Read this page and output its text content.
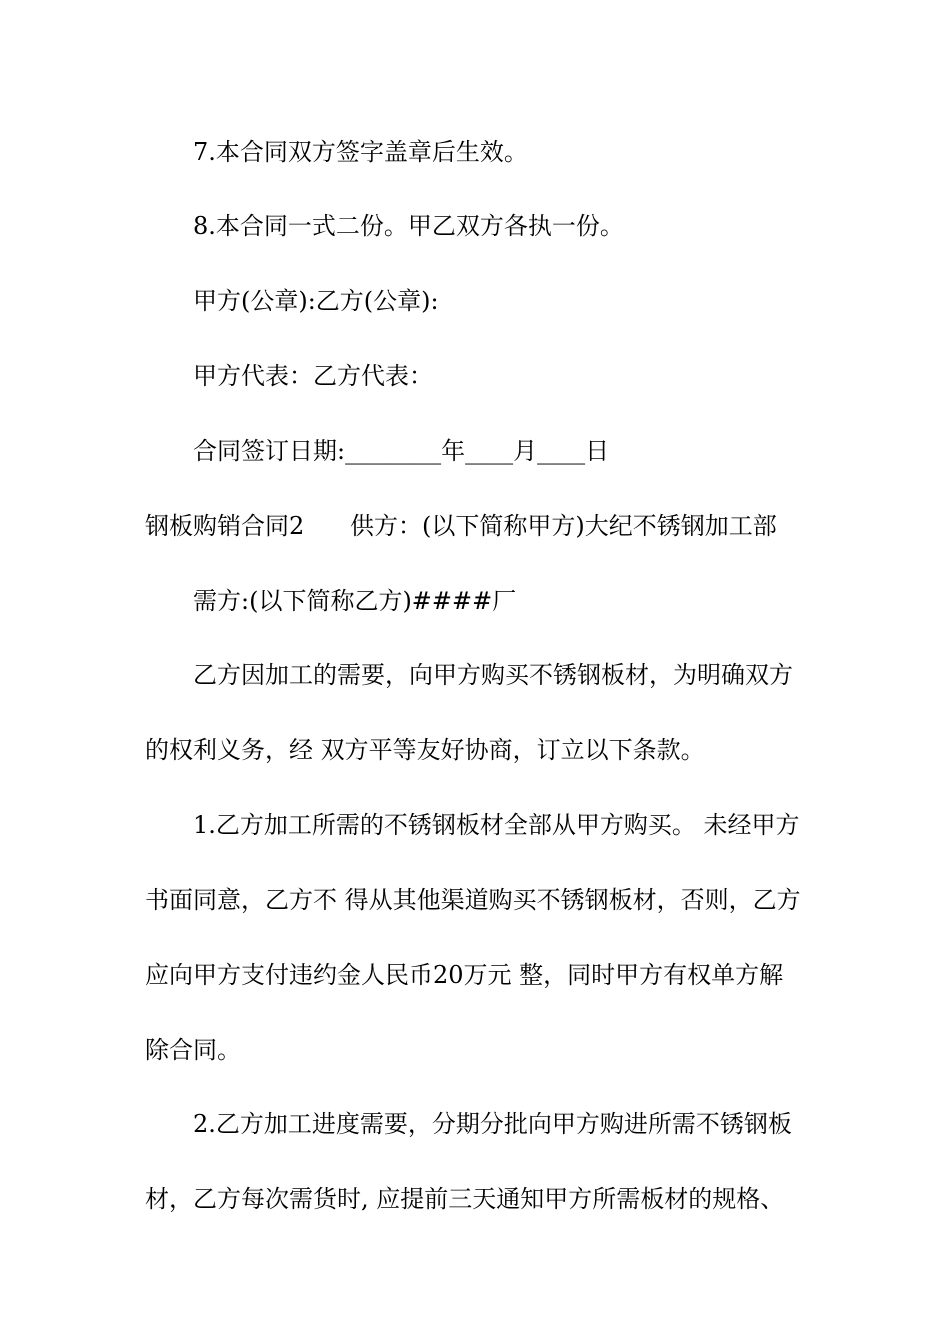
7.本合同双方签字盖章后生效。
8.本合同一式二份。甲乙双方各执一份。
甲方(公章):乙方(公章):
甲方代表：乙方代表：
合同签订日期:________年____月____日
钢板购销合同2      供方：(以下简称甲方)大纪不锈钢加工部
需方:(以下简称乙方)####厂
乙方因加工的需要，向甲方购买不锈钢板材，为明确双方
的权利义务，经 双方平等友好协商，订立以下条款。
1.乙方加工所需的不锈钢板材全部从甲方购买。 未经甲方
书面同意，乙方不 得从其他渠道购买不锈钢板材，否则，乙方
应向甲方支付违约金人民币20万元 整，同时甲方有权单方解
除合同。
2.乙方加工进度需要，分期分批向甲方购进所需不锈钢板
材，乙方每次需货时, 应提前三天通知甲方所需板材的规格、
